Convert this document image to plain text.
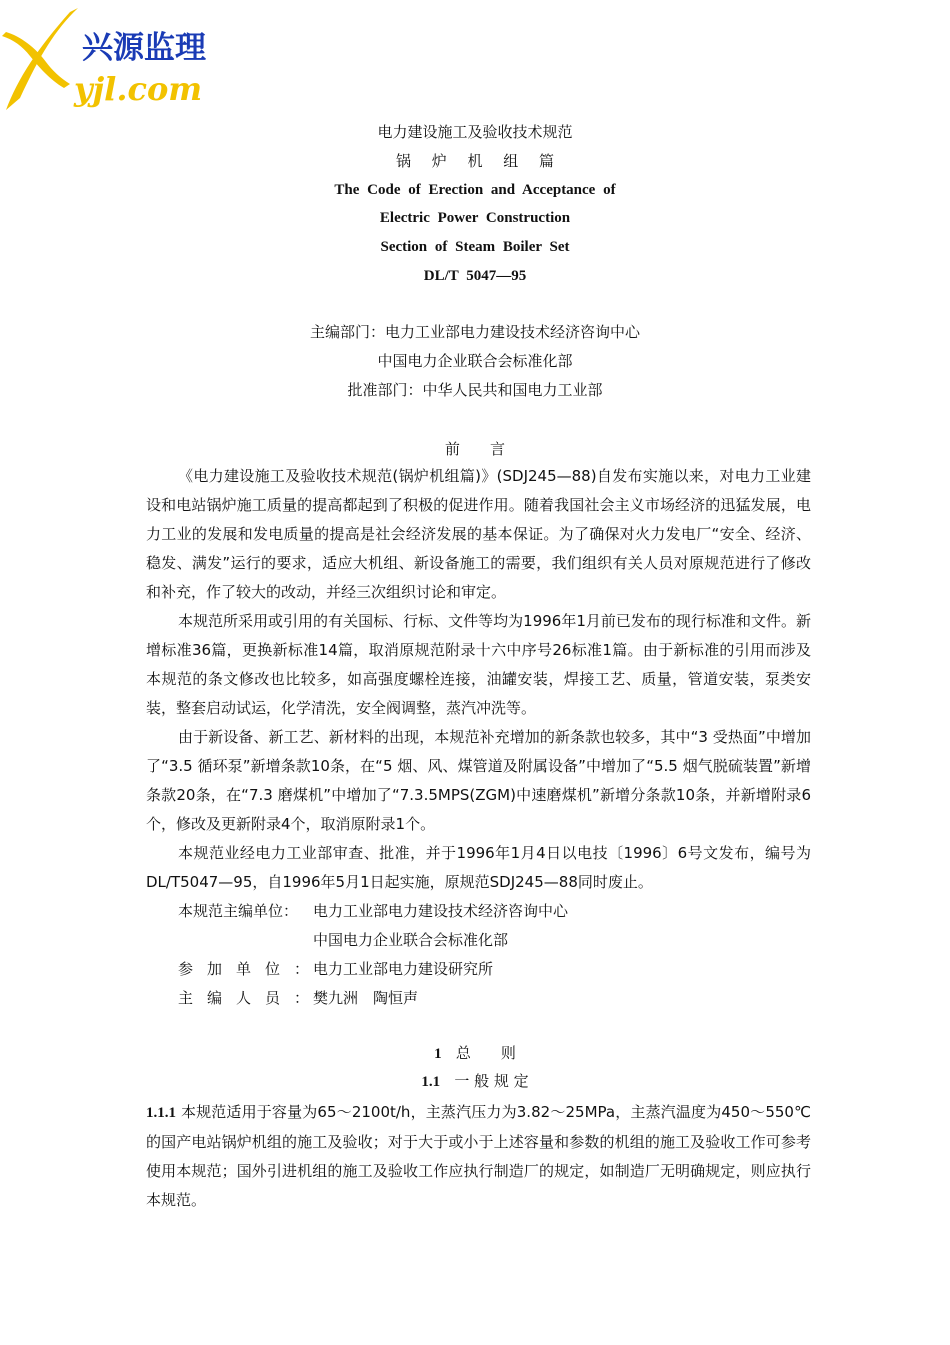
兴源监理
yjl.com
电力建设施工及验收技术规范
锅 炉 机 组 篇
The Code of Erection and Acceptance of
Electric Power Construction
Section of Steam Boiler Set
DL/T 5047—95
主编部门：电力工业部电力建设技术经济咨询中心
中国电力企业联合会标准化部
批准部门：中华人民共和国电力工业部
前　　言

《电力建设施工及验收技术规范(锅炉机组篇)》(SDJ245—88)自发布实施以来，对电力工业建设和电站锅炉施工质量的提高都起到了积极的促进作用。随着我国社会主义市场经济的迅猛发展，电力工业的发展和发电质量的提高是社会经济发展的基本保证。为了确保对火力发电厂“安全、经济、稳发、满发”运行的要求，适应大机组、新设备施工的需要，我们组织有关人员对原规范进行了修改和补充，作了较大的改动，并经三次组织讨论和审定。

本规范所采用或引用的有关国标、行标、文件等均为1996年1月前已发布的现行标准和文件。新增标准36篇，更换新标准14篇，取消原规范附录十六中序号26标准1篇。由于新标准的引用而涉及本规范的条文修改也比较多，如高强度螺栓连接，油罐安装，焊接工艺、质量，管道安装，泵类安装，整套启动试运，化学清洗，安全阀调整，蒸汽冲洗等。

由于新设备、新工艺、新材料的出现，本规范补充增加的新条款也较多，其中“3 受热面”中增加了“3.5 循环泵”新增条款10条，在“5 烟、风、煤管道及附属设备”中增加了“5.5 烟气脱硫装置”新增条款20条，在“7.3 磨煤机”中增加了“7.3.5MPS(ZGM)中速磨煤机”新增分条款10条，并新增附录6个，修改及更新附录4个，取消原附录1个。

本规范业经电力工业部审查、批准，并于1996年1月4日以电技〔1996〕6号文发布，编号为DL/T5047—95，自1996年5月1日起实施，原规范SDJ245—88同时废止。

本规范主编单位： 电力工业部电力建设技术经济咨询中心

中国电力企业联合会标准化部

参加单位：电力工业部电力建设研究所

主编人员：樊九洲　陶恒声

1 总　　则
1.1 一 般 规 定

1.1.1 本规范适用于容量为65～2100t/h，主蒸汽压力为3.82～25MPa，主蒸汽温度为450～550℃的国产电站锅炉机组的施工及验收；对于大于或小于上述容量和参数的机组的施工及验收工作可参考使用本规范；国外引进机组的施工及验收工作应执行制造厂的规定，如制造厂无明确规定，则应执行本规范。
